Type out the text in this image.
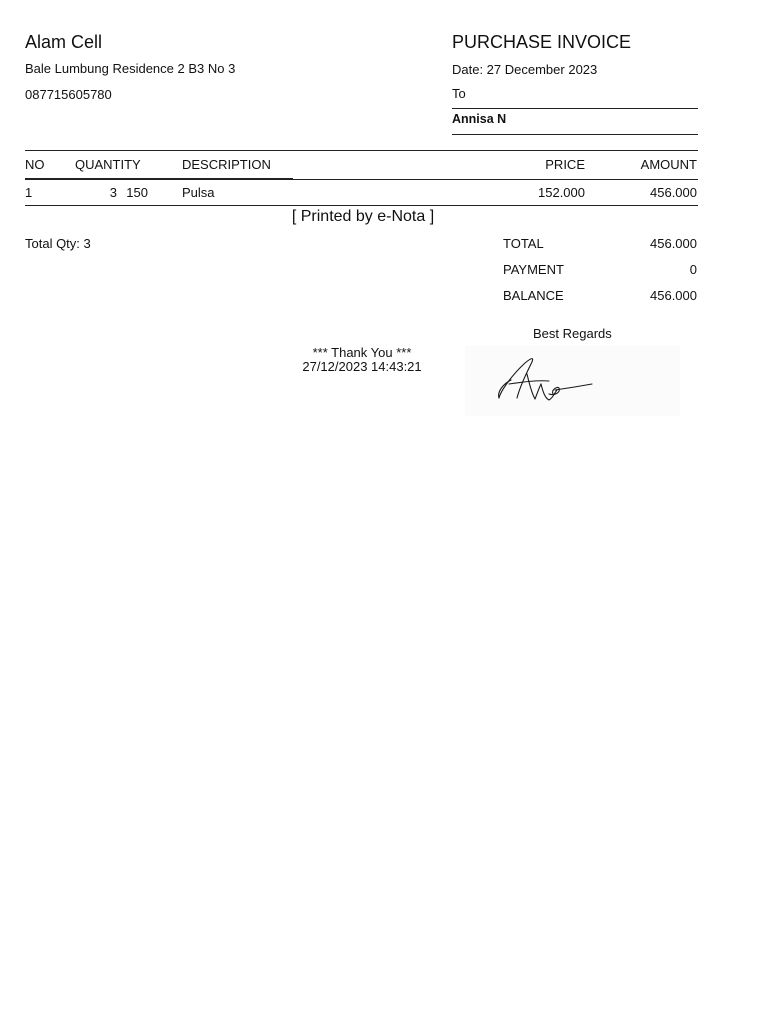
Alam Cell
Bale Lumbung Residence 2 B3 No 3
087715605780
PURCHASE INVOICE
Date: 27 December 2023
To
Annisa N
NO QUANTITY	DESCRIPTION	PRICE	AMOUNT
1	3 150	Pulsa	152.000	456.000
[ Printed by e-Nota ]
Total Qty: 3	TOTAL	456.000
PAYMENT	0
BALANCE	456.000
Best Regards
*** Thank You ***
27/12/2023 14:43:21
